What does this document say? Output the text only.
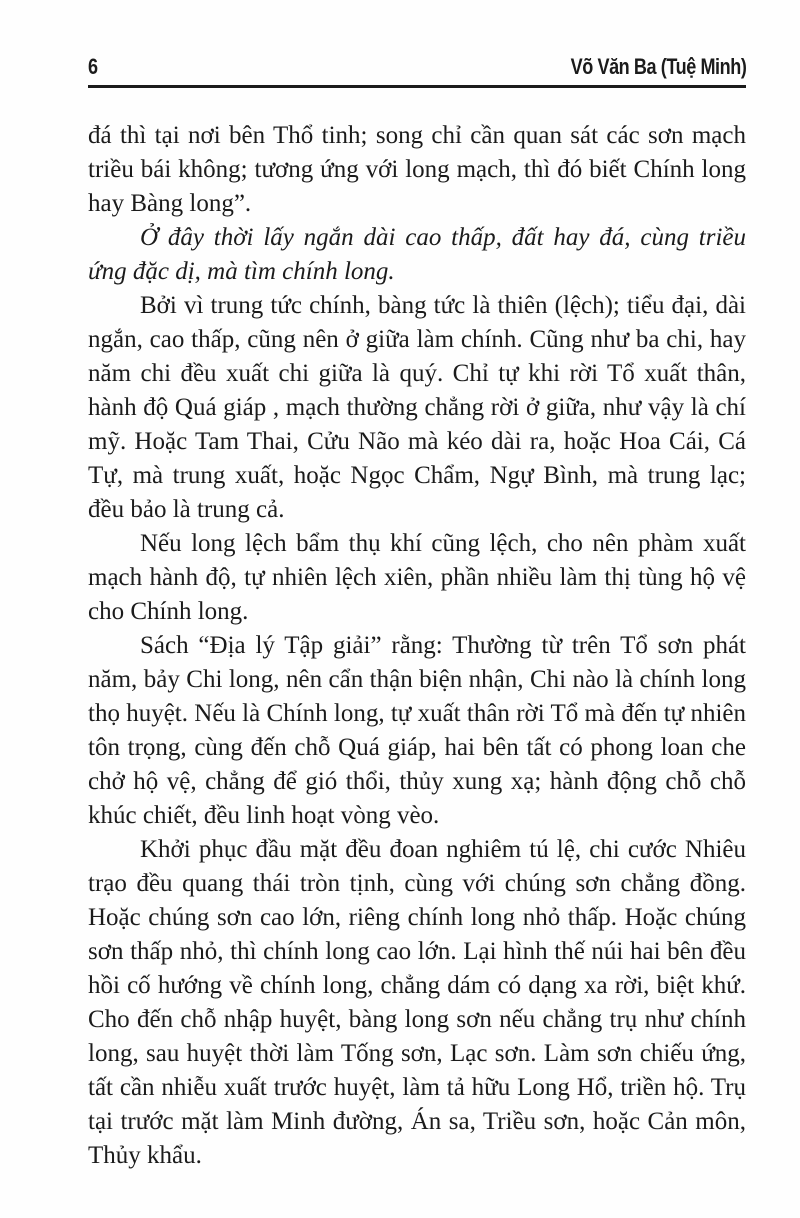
6	Võ Văn Ba (Tuệ Minh)

đá thì tại nơi bên Thổ tinh; song chỉ cần quan sát các sơn mạch triều bái không; tương ứng với long mạch, thì đó biết Chính long hay Bàng long”.

Ở đây thời lấy ngắn dài cao thấp, đất hay đá, cùng triều ứng đặc dị, mà tìm chính long.

Bởi vì trung tức chính, bàng tức là thiên (lệch); tiểu đại, dài ngắn, cao thấp, cũng nên ở giữa làm chính. Cũng như ba chi, hay năm chi đều xuất chi giữa là quý. Chỉ tự khi rời Tổ xuất thân, hành độ Quá giáp , mạch thường chẳng rời ở giữa, như vậy là chí mỹ. Hoặc Tam Thai, Cửu Não mà kéo dài ra, hoặc Hoa Cái, Cá Tự, mà trung xuất, hoặc Ngọc Chẩm, Ngự Bình, mà trung lạc; đều bảo là trung cả.

Nếu long lệch bẩm thụ khí cũng lệch, cho nên phàm xuất mạch hành độ, tự nhiên lệch xiên, phần nhiều làm thị tùng hộ vệ cho Chính long.

Sách “Địa lý Tập giải” rằng: Thường từ trên Tổ sơn phát năm, bảy Chi long, nên cẩn thận biện nhận, Chi nào là chính long thọ huyệt. Nếu là Chính long, tự xuất thân rời Tổ mà đến tự nhiên tôn trọng, cùng đến chỗ Quá giáp, hai bên tất có phong loan che chở hộ vệ, chẳng để gió thổi, thủy xung xạ; hành động chỗ chỗ khúc chiết, đều linh hoạt vòng vèo.

Khởi phục đầu mặt đều đoan nghiêm tú lệ, chi cước Nhiêu trạo đều quang thái tròn tịnh, cùng với chúng sơn chẳng đồng. Hoặc chúng sơn cao lớn, riêng chính long nhỏ thấp. Hoặc chúng sơn thấp nhỏ, thì chính long cao lớn. Lại hình thế núi hai bên đều hồi cố hướng về chính long, chẳng dám có dạng xa rời, biệt khứ. Cho đến chỗ nhập huyệt, bàng long sơn nếu chẳng trụ như chính long, sau huyệt thời làm Tống sơn, Lạc sơn. Làm sơn chiếu ứng, tất cần nhiễu xuất trước huyệt, làm tả hữu Long Hổ, triền hộ. Trụ tại trước mặt làm Minh đường, Án sa, Triều sơn, hoặc Cản môn, Thủy khẩu.
